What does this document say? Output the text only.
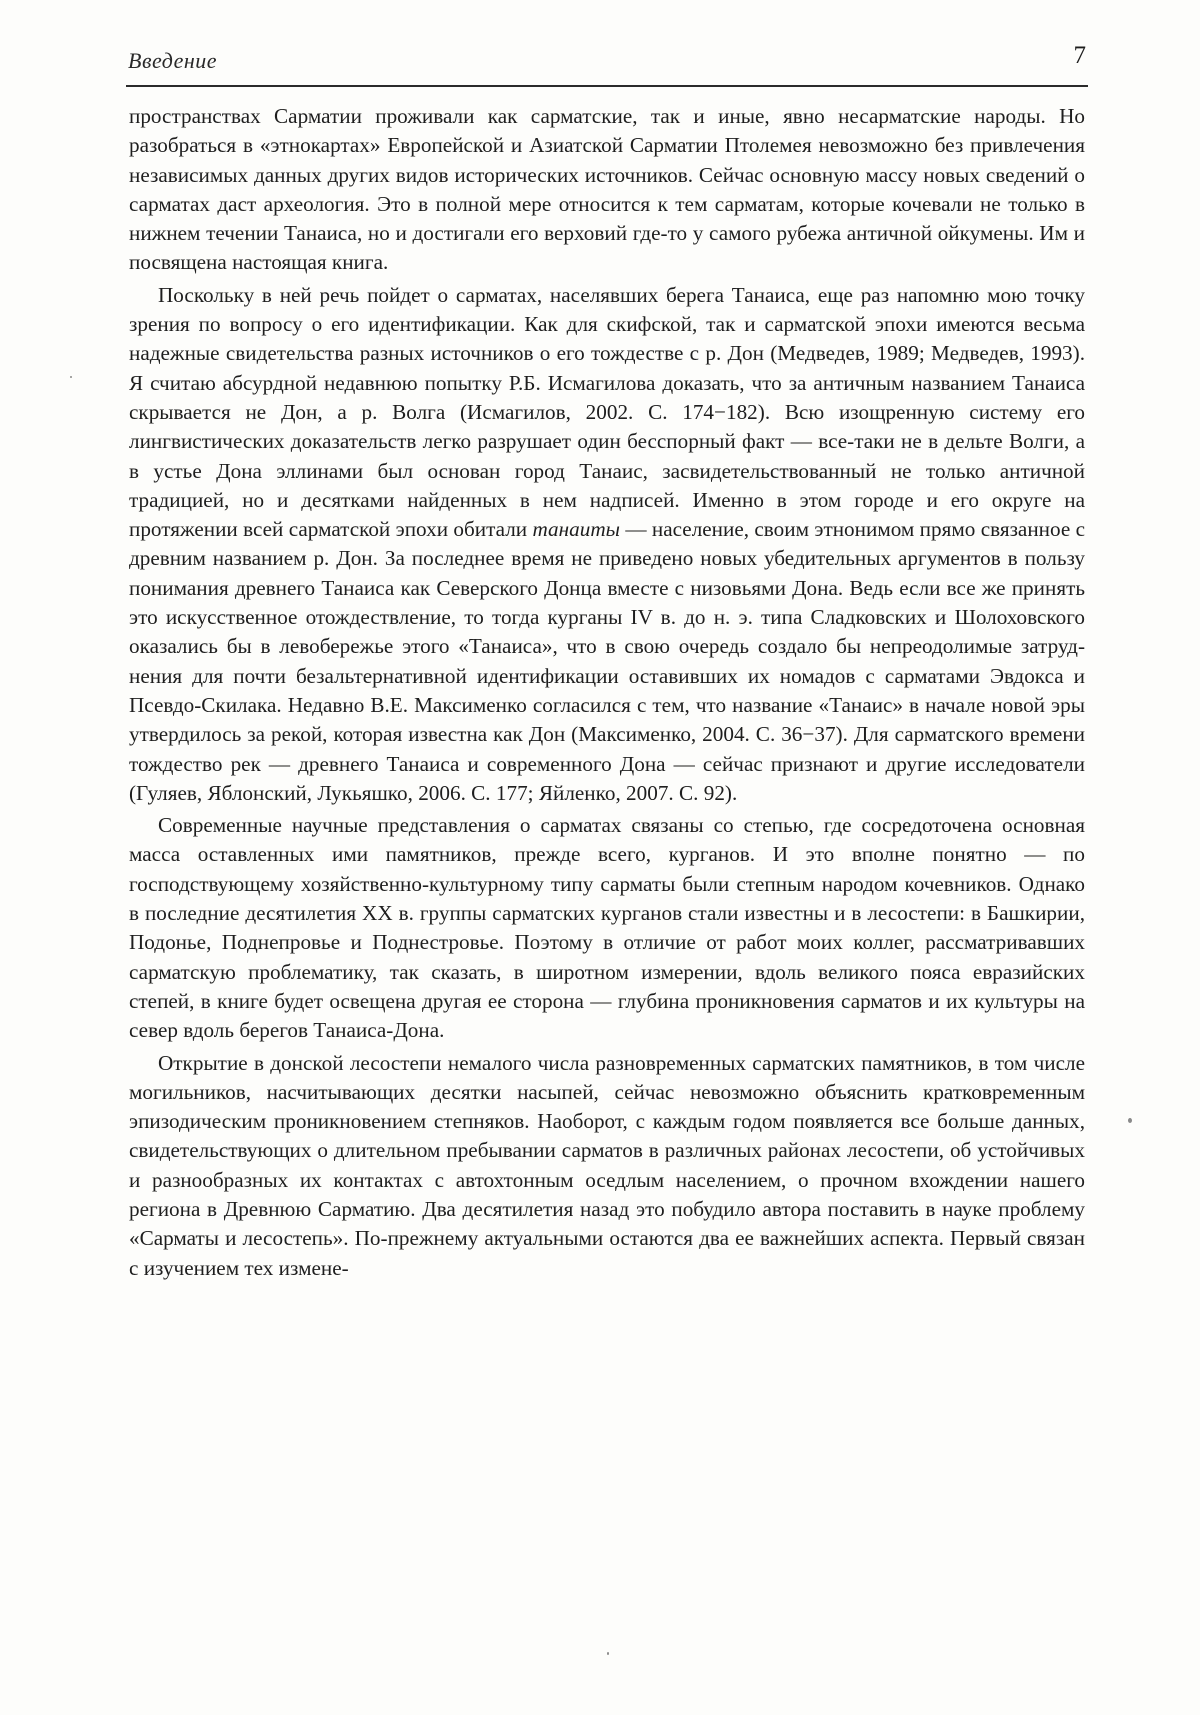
Введение	7

пространствах Сарматии проживали как сарматские, так и иные, явно несарматские народы. Но разобраться в «этнокартах» Европейской и Азиатской Сарматии Птолемея невозможно без привлечения независимых данных других видов исторических источников. Сейчас основную массу новых сведений о сарматах даст археология. Это в полной мере относится к тем сарматам, которые кочевали не только в нижнем течении Танаиса, но и достигали его верховий где-то у самого рубежа античной ойкумены. Им и посвящена настоящая книга.

Поскольку в ней речь пойдет о сарматах, населявших берега Танаиса, еще раз напомню мою точку зрения по вопросу о его идентификации. Как для скифской, так и сарматской эпохи имеются весьма надежные свидетельства разных источников о его тождестве с р. Дон (Медведев, 1989; Медведев, 1993). Я считаю абсурдной недавнюю попытку Р.Б. Исмагилова доказать, что за античным названием Танаиса скрывается не Дон, а р. Волга (Исмагилов, 2002. С. 174−182). Всю изощренную систему его лингвистических доказательств легко разрушает один бесспорный факт — все-таки не в дельте Волги, а в устье Дона эллинами был основан город Танаис, засвидетельствованный не только античной традицией, но и десятками найденных в нем надписей. Именно в этом городе и его округе на протяжении всей сарматской эпохи обитали танаиты — население, своим этнонимом прямо связанное с древним названием р. Дон. За последнее время не приведено новых убедительных аргументов в пользу понимания древнего Танаиса как Северского Донца вместе с низовьями Дона. Ведь если все же принять это искусственное отождествление, то тогда курганы IV в. до н. э. типа Сладковских и Шолоховского оказались бы в левобережье этого «Танаиса», что в свою очередь создало бы непреодолимые затруднения для почти безальтернативной идентификации оставивших их номадов с сарматами Эвдокса и Псевдо-Скилака. Недавно В.Е. Максименко согласился с тем, что название «Танаис» в начале новой эры утвердилось за рекой, которая известна как Дон (Максименко, 2004. С. 36−37). Для сарматского времени тождество рек — древнего Танаиса и современного Дона — сейчас признают и другие исследователи (Гуляев, Яблонский, Лукьяшко, 2006. С. 177; Яйленко, 2007. С. 92).

Современные научные представления о сарматах связаны со степью, где сосредоточена основная масса оставленных ими памятников, прежде всего, курганов. И это вполне понятно — по господствующему хозяйственно-культурному типу сарматы были степным народом кочевников. Однако в последние десятилетия XX в. группы сарматских курганов стали известны и в лесостепи: в Башкирии, Подонье, Поднепровье и Поднестровье. Поэтому в отличие от работ моих коллег, рассматривавших сарматскую проблематику, так сказать, в широтном измерении, вдоль великого пояса евразийских степей, в книге будет освещена другая ее сторона — глубина проникновения сарматов и их культуры на север вдоль берегов Танаиса-Дона.

Открытие в донской лесостепи немалого числа разновременных сарматских памятников, в том числе могильников, насчитывающих десятки насыпей, сейчас невозможно объяснить кратковременным эпизодическим проникновением степняков. Наоборот, с каждым годом появляется все больше данных, свидетельствующих о длительном пребывании сарматов в различных районах лесостепи, об устойчивых и разнообразных их контактах с автохтонным оседлым населением, о прочном вхождении нашего региона в Древнюю Сарматию. Два десятилетия назад это побудило автора поставить в науке проблему «Сарматы и лесостепь». По-прежнему актуальными остаются два ее важнейших аспекта. Первый связан с изучением тех измене-
